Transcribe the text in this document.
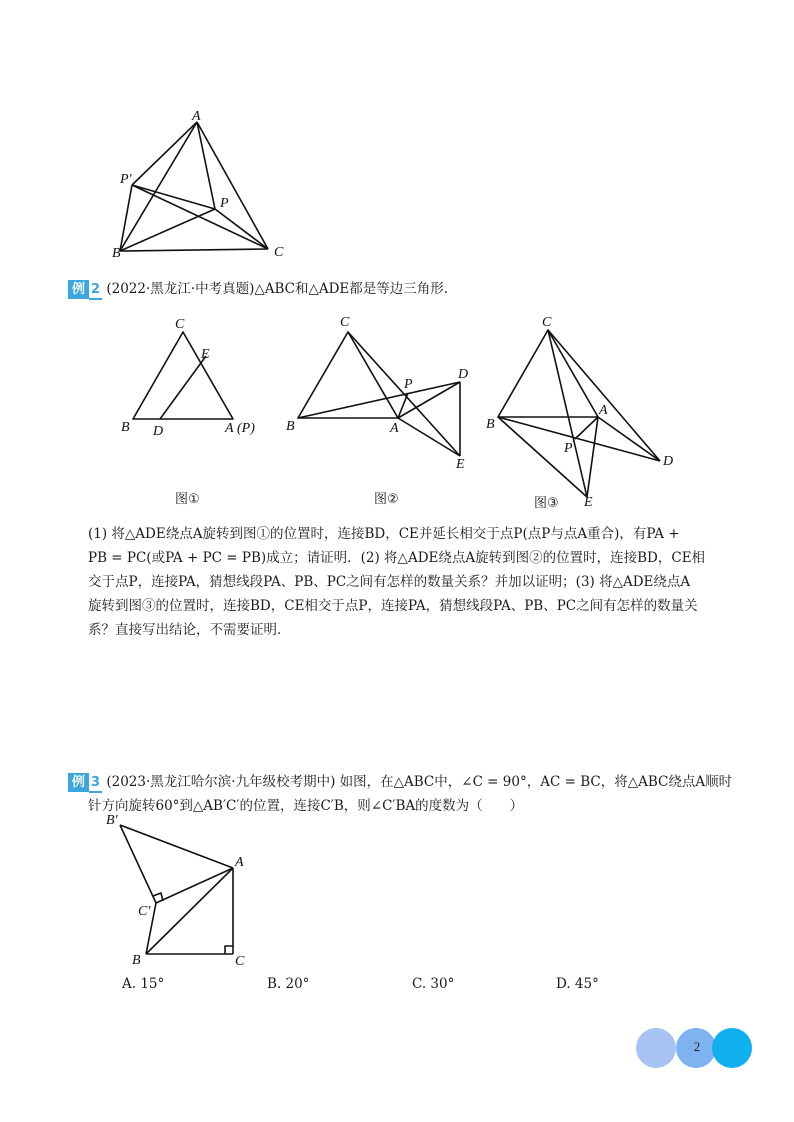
A
P'
P
B	C
例 2 (2022·黑龙江·中考真题)△ABC和△ADE都是等边三角形.
C
E
B D	A (P)
图①
C
P
D
B	A
E
图②
C
A
B
P
D
E
图③
(1) 将△ADE绕点A旋转到图①的位置时，连接BD，CE并延长相交于点P(点P与点A重合)，有PA +
PB = PC(或PA + PC = PB)成立；请证明．(2) 将△ADE绕点A旋转到图②的位置时，连接BD，CE相
交于点P，连接PA，猜想线段PA、PB、PC之间有怎样的数量关系？并加以证明；(3) 将△ADE绕点A
旋转到图③的位置时，连接BD，CE相交于点P，连接PA，猜想线段PA、PB、PC之间有怎样的数量关
系？直接写出结论，不需要证明．
例 3 (2023·黑龙江哈尔滨·九年级校考期中) 如图，在△ABC中，∠C = 90°，AC = BC，将△ABC绕点A顺时
针方向旋转60°到△AB′C′的位置，连接C′B，则∠C′BA的度数为（　　）
B'
A
C'
B	C
A. 15°	B. 20°	C. 30°	D. 45°
2
